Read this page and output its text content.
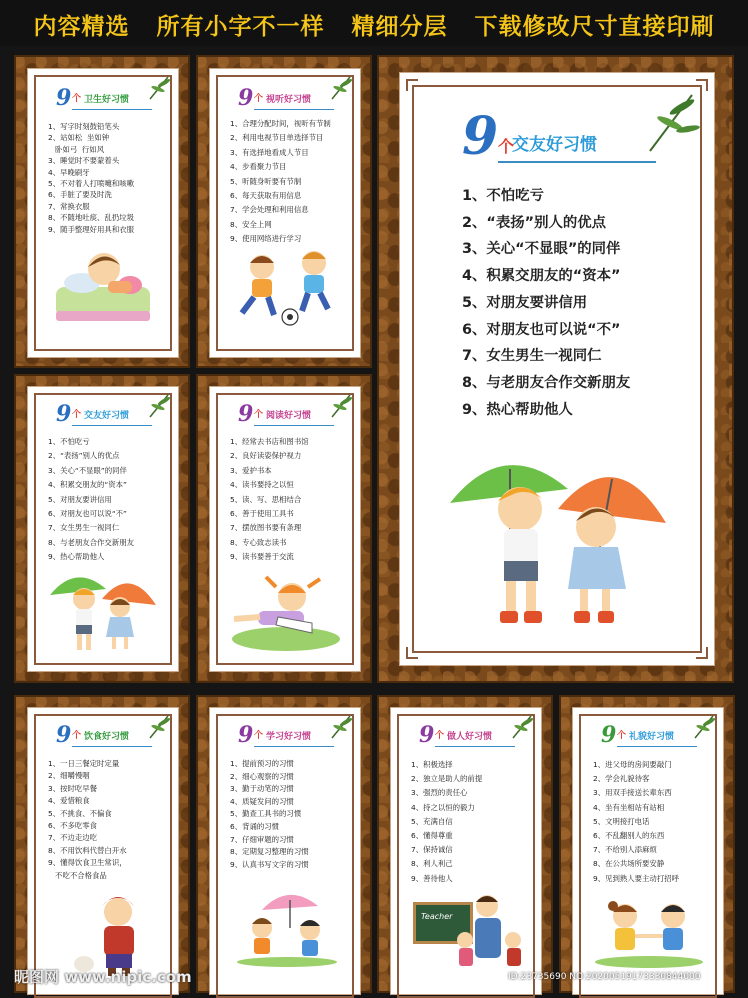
内容精选   所有小字不一样   精细分层   下载修改尺寸直接印刷
9 个 卫生好习惯
1、写字时刻鼓铅笔头
2、站如松  坐如钟
卧如弓  行如风
3、睡觉时不要蒙着头
4、早晚刷牙
5、不对着人打喷嚏和咳嗽
6、手脏了要及时洗
7、常换衣服
8、不随地吐痰、乱扔垃圾
9、随手整理好用具和衣服
9 个 视听好习惯
1、合理分配时间，视听有节制
2、利用电视节目单选择节目
3、有选择地看成人节目
4、步看聚力节目
5、听随身听要有节制
6、每天获取有用信息
7、学会处理和利用信息
8、安全上网
9、使用网络进行学习
9 个
交友好习惯
1、不怕吃亏
2、“表扬”别人的优点
3、关心“不显眼”的同伴
4、积累交朋友的“资本”
5、对朋友要讲信用
6、对朋友也可以说“不”
7、女生男生一视同仁
8、与老朋友合作交新朋友
9、热心帮助他人
9 个 交友好习惯
1、不怕吃亏
2、“表扬”别人的优点
3、关心“不显眼”的同伴
4、积累交朋友的“资本”
5、对朋友要讲信用
6、对朋友也可以说“不”
7、女生男生一视同仁
8、与老朋友合作交新朋友
9、热心帮助他人
9 个 阅读好习惯
1、经常去书店和图书馆
2、良好读姿保护视力
3、爱护书本
4、读书要持之以恒
5、读、写、思相结合
6、善于使用工具书
7、摆放图书要有条理
8、专心致志读书
9、读书要善于交流
9 个 饮食好习惯
1、一日三餐定时定量
2、细嚼慢咽
3、按时吃早餐
4、爱惜粮食
5、不挑食、不偏食
6、不多吃零食
7、不边走边吃
8、不用饮料代替白开水
9、懂得饮食卫生常识，
不吃不合格食品
9 个 学习好习惯
1、提前预习的习惯
2、细心观察的习惯
3、勤于动笔的习惯
4、质疑发问的习惯
5、勤查工具书的习惯
6、背诵的习惯
7、仔细审题的习惯
8、定期复习整理的习惯
9、认真书写文字的习惯
9 个 做人好习惯
1、积极选择
2、独立是助人的前提
3、强烈的责任心
4、持之以恒的毅力
5、充满自信
6、懂得尊重
7、保持诚信
8、利人利己
9、善待他人
Teacher
9 个 礼貌好习惯
1、进父母的房间要敲门
2、学会礼貌待客
3、用双手接送长辈东西
4、坐有坐相站有站相
5、文明接打电话
6、不乱翻别人的东西
7、不给别人添麻烦
8、在公共场所要安静
9、见到熟人要主动打招呼
昵图网 www.nipic.com	ID:23735690 NO:20200519173330844000
